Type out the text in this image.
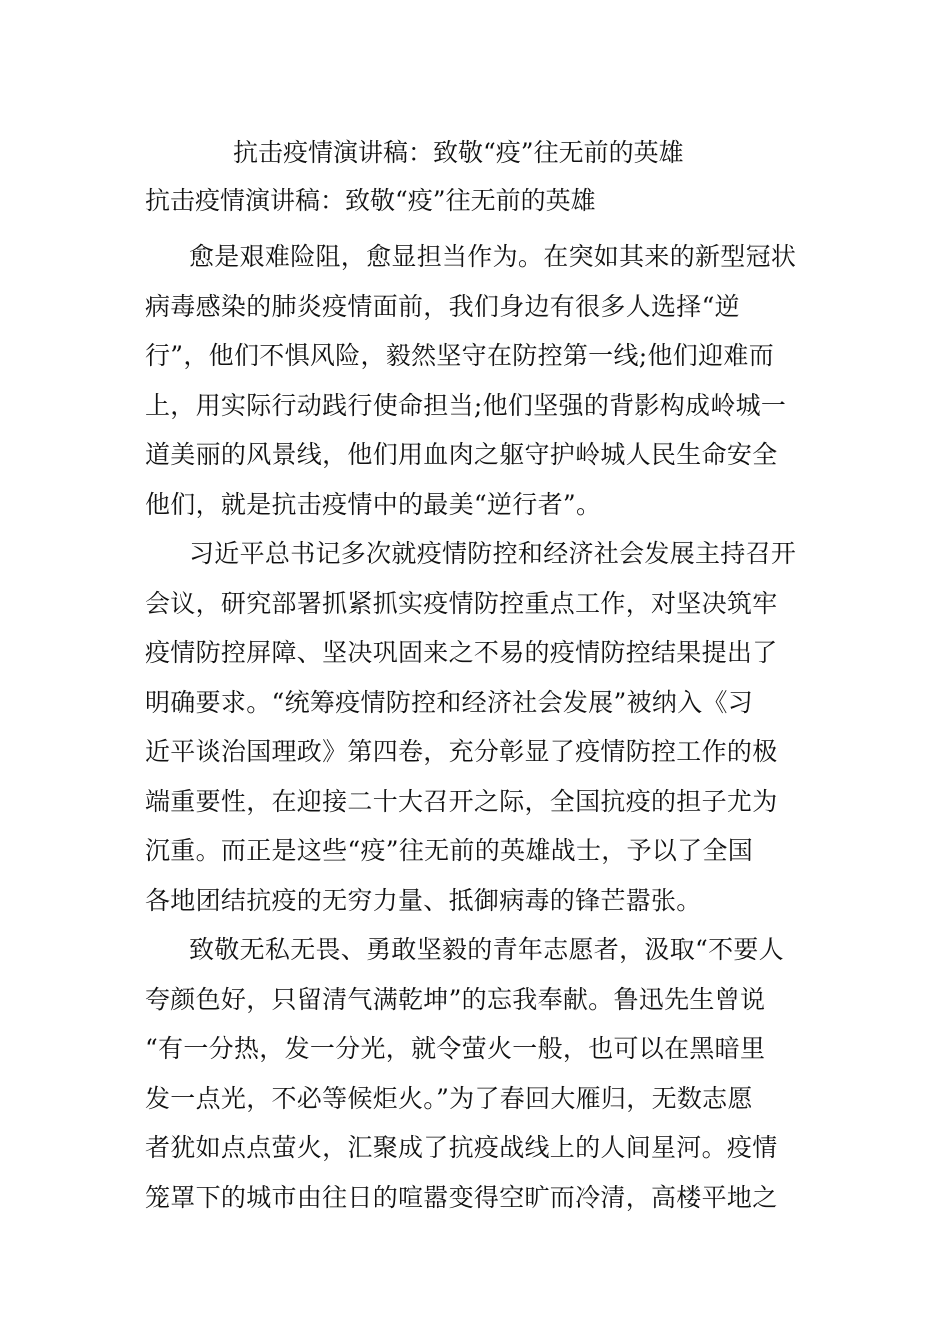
抗击疫情演讲稿：致敬“疫”往无前的英雄
抗击疫情演讲稿：致敬“疫”往无前的英雄
愈是艰难险阻，愈显担当作为。在突如其来的新型冠状
病毒感染的肺炎疫情面前，我们身边有很多人选择“逆
行”，他们不惧风险，毅然坚守在防控第一线;他们迎难而
上，用实际行动践行使命担当;他们坚强的背影构成岭城一
道美丽的风景线，他们用血肉之躯守护岭城人民生命安全
他们，就是抗击疫情中的最美“逆行者”。
习近平总书记多次就疫情防控和经济社会发展主持召开
会议，研究部署抓紧抓实疫情防控重点工作，对坚决筑牢
疫情防控屏障、坚决巩固来之不易的疫情防控结果提出了
明确要求。“统筹疫情防控和经济社会发展”被纳入《习
近平谈治国理政》第四卷，充分彰显了疫情防控工作的极
端重要性，在迎接二十大召开之际，全国抗疫的担子尤为
沉重。而正是这些“疫”往无前的英雄战士，予以了全国
各地团结抗疫的无穷力量、抵御病毒的锋芒嚣张。
致敬无私无畏、勇敢坚毅的青年志愿者，汲取“不要人
夸颜色好，只留清气满乾坤”的忘我奉献。鲁迅先生曾说
“有一分热，发一分光，就令萤火一般，也可以在黑暗里
发一点光，不必等候炬火。”为了春回大雁归，无数志愿
者犹如点点萤火，汇聚成了抗疫战线上的人间星河。疫情
笼罩下的城市由往日的喧嚣变得空旷而冷清，高楼平地之
